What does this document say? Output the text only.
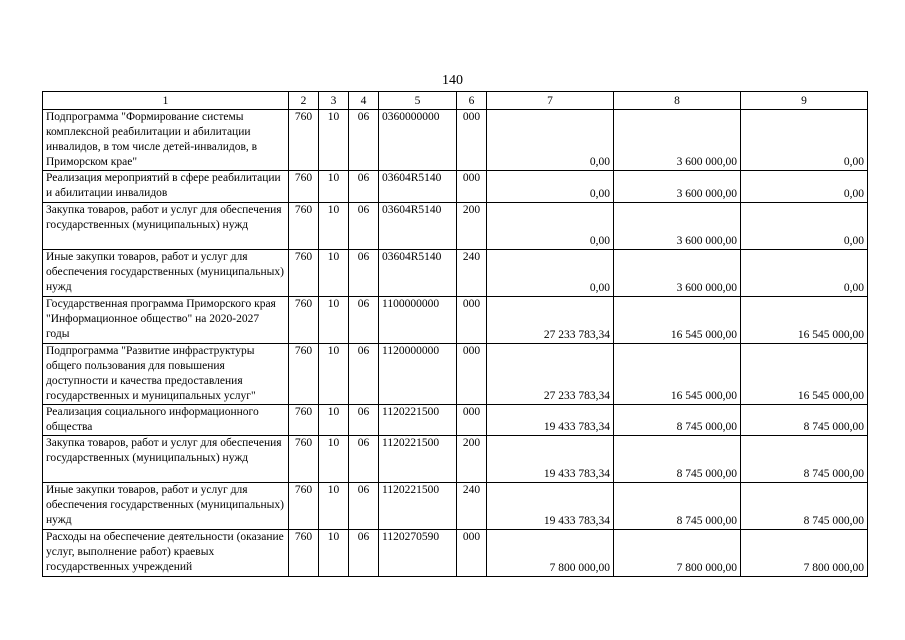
140
1	2	3	4	5	6	7	8	9
Подпрограмма "Формирование системы комплексной реабилитации и абилитации инвалидов, в том числе детей-инвалидов, в Приморском крае"	760	10	06	0360000000	000	0,00	3 600 000,00	0,00
Реализация мероприятий в сфере реабилитации и абилитации инвалидов	760	10	06	03604R5140	000	0,00	3 600 000,00	0,00
Закупка товаров, работ и услуг для обеспечения государственных (муниципальных) нужд	760	10	06	03604R5140	200	0,00	3 600 000,00	0,00
Иные закупки товаров, работ и услуг для обеспечения государственных (муниципальных) нужд	760	10	06	03604R5140	240	0,00	3 600 000,00	0,00
Государственная программа Приморского края "Информационное общество" на 2020-2027 годы	760	10	06	1100000000	000	27 233 783,34	16 545 000,00	16 545 000,00
Подпрограмма "Развитие инфраструктуры общего пользования для повышения доступности и качества предоставления государственных и муниципальных услуг"	760	10	06	1120000000	000	27 233 783,34	16 545 000,00	16 545 000,00
Реализация социального информационного общества	760	10	06	1120221500	000	19 433 783,34	8 745 000,00	8 745 000,00
Закупка товаров, работ и услуг для обеспечения государственных (муниципальных) нужд	760	10	06	1120221500	200	19 433 783,34	8 745 000,00	8 745 000,00
Иные закупки товаров, работ и услуг для обеспечения государственных (муниципальных) нужд	760	10	06	1120221500	240	19 433 783,34	8 745 000,00	8 745 000,00
Расходы на обеспечение деятельности (оказание услуг, выполнение работ) краевых государственных учреждений	760	10	06	1120270590	000	7 800 000,00	7 800 000,00	7 800 000,00
